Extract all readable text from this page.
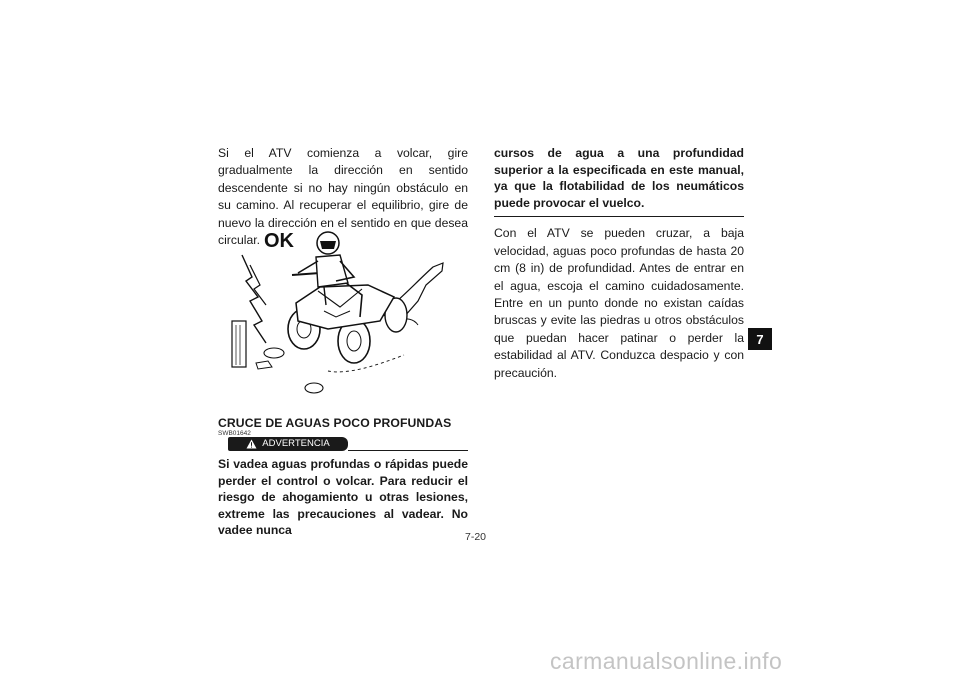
Si el ATV comienza a volcar, gire gradualmente la dirección en sentido descendente si no hay ningún obstáculo en su camino. Al recuperar el equilibrio, gire de nuevo la dirección en el sentido en que desea circular. OK
CRUCE DE AGUAS POCO PROFUNDAS
SWB01642
ADVERTENCIA
Si vadea aguas profundas o rápidas puede perder el control o volcar. Para reducir el riesgo de ahogamiento u otras lesiones, extreme las precauciones al vadear. No vadee nunca

cursos de agua a una profundidad superior a la especificada en este manual, ya que la flotabilidad de los neumáticos puede provocar el vuelco.

Con el ATV se pueden cruzar, a baja velocidad, aguas poco profundas de hasta 20 cm (8 in) de profundidad. Antes de entrar en el agua, escoja el camino cuidadosamente. Entre en un punto donde no existan caídas bruscas y evite las piedras u otros obstáculos que puedan hacer patinar o perder la estabilidad al ATV. Conduzca despacio y con precaución.

7
7-20
carmanualsonline.info
